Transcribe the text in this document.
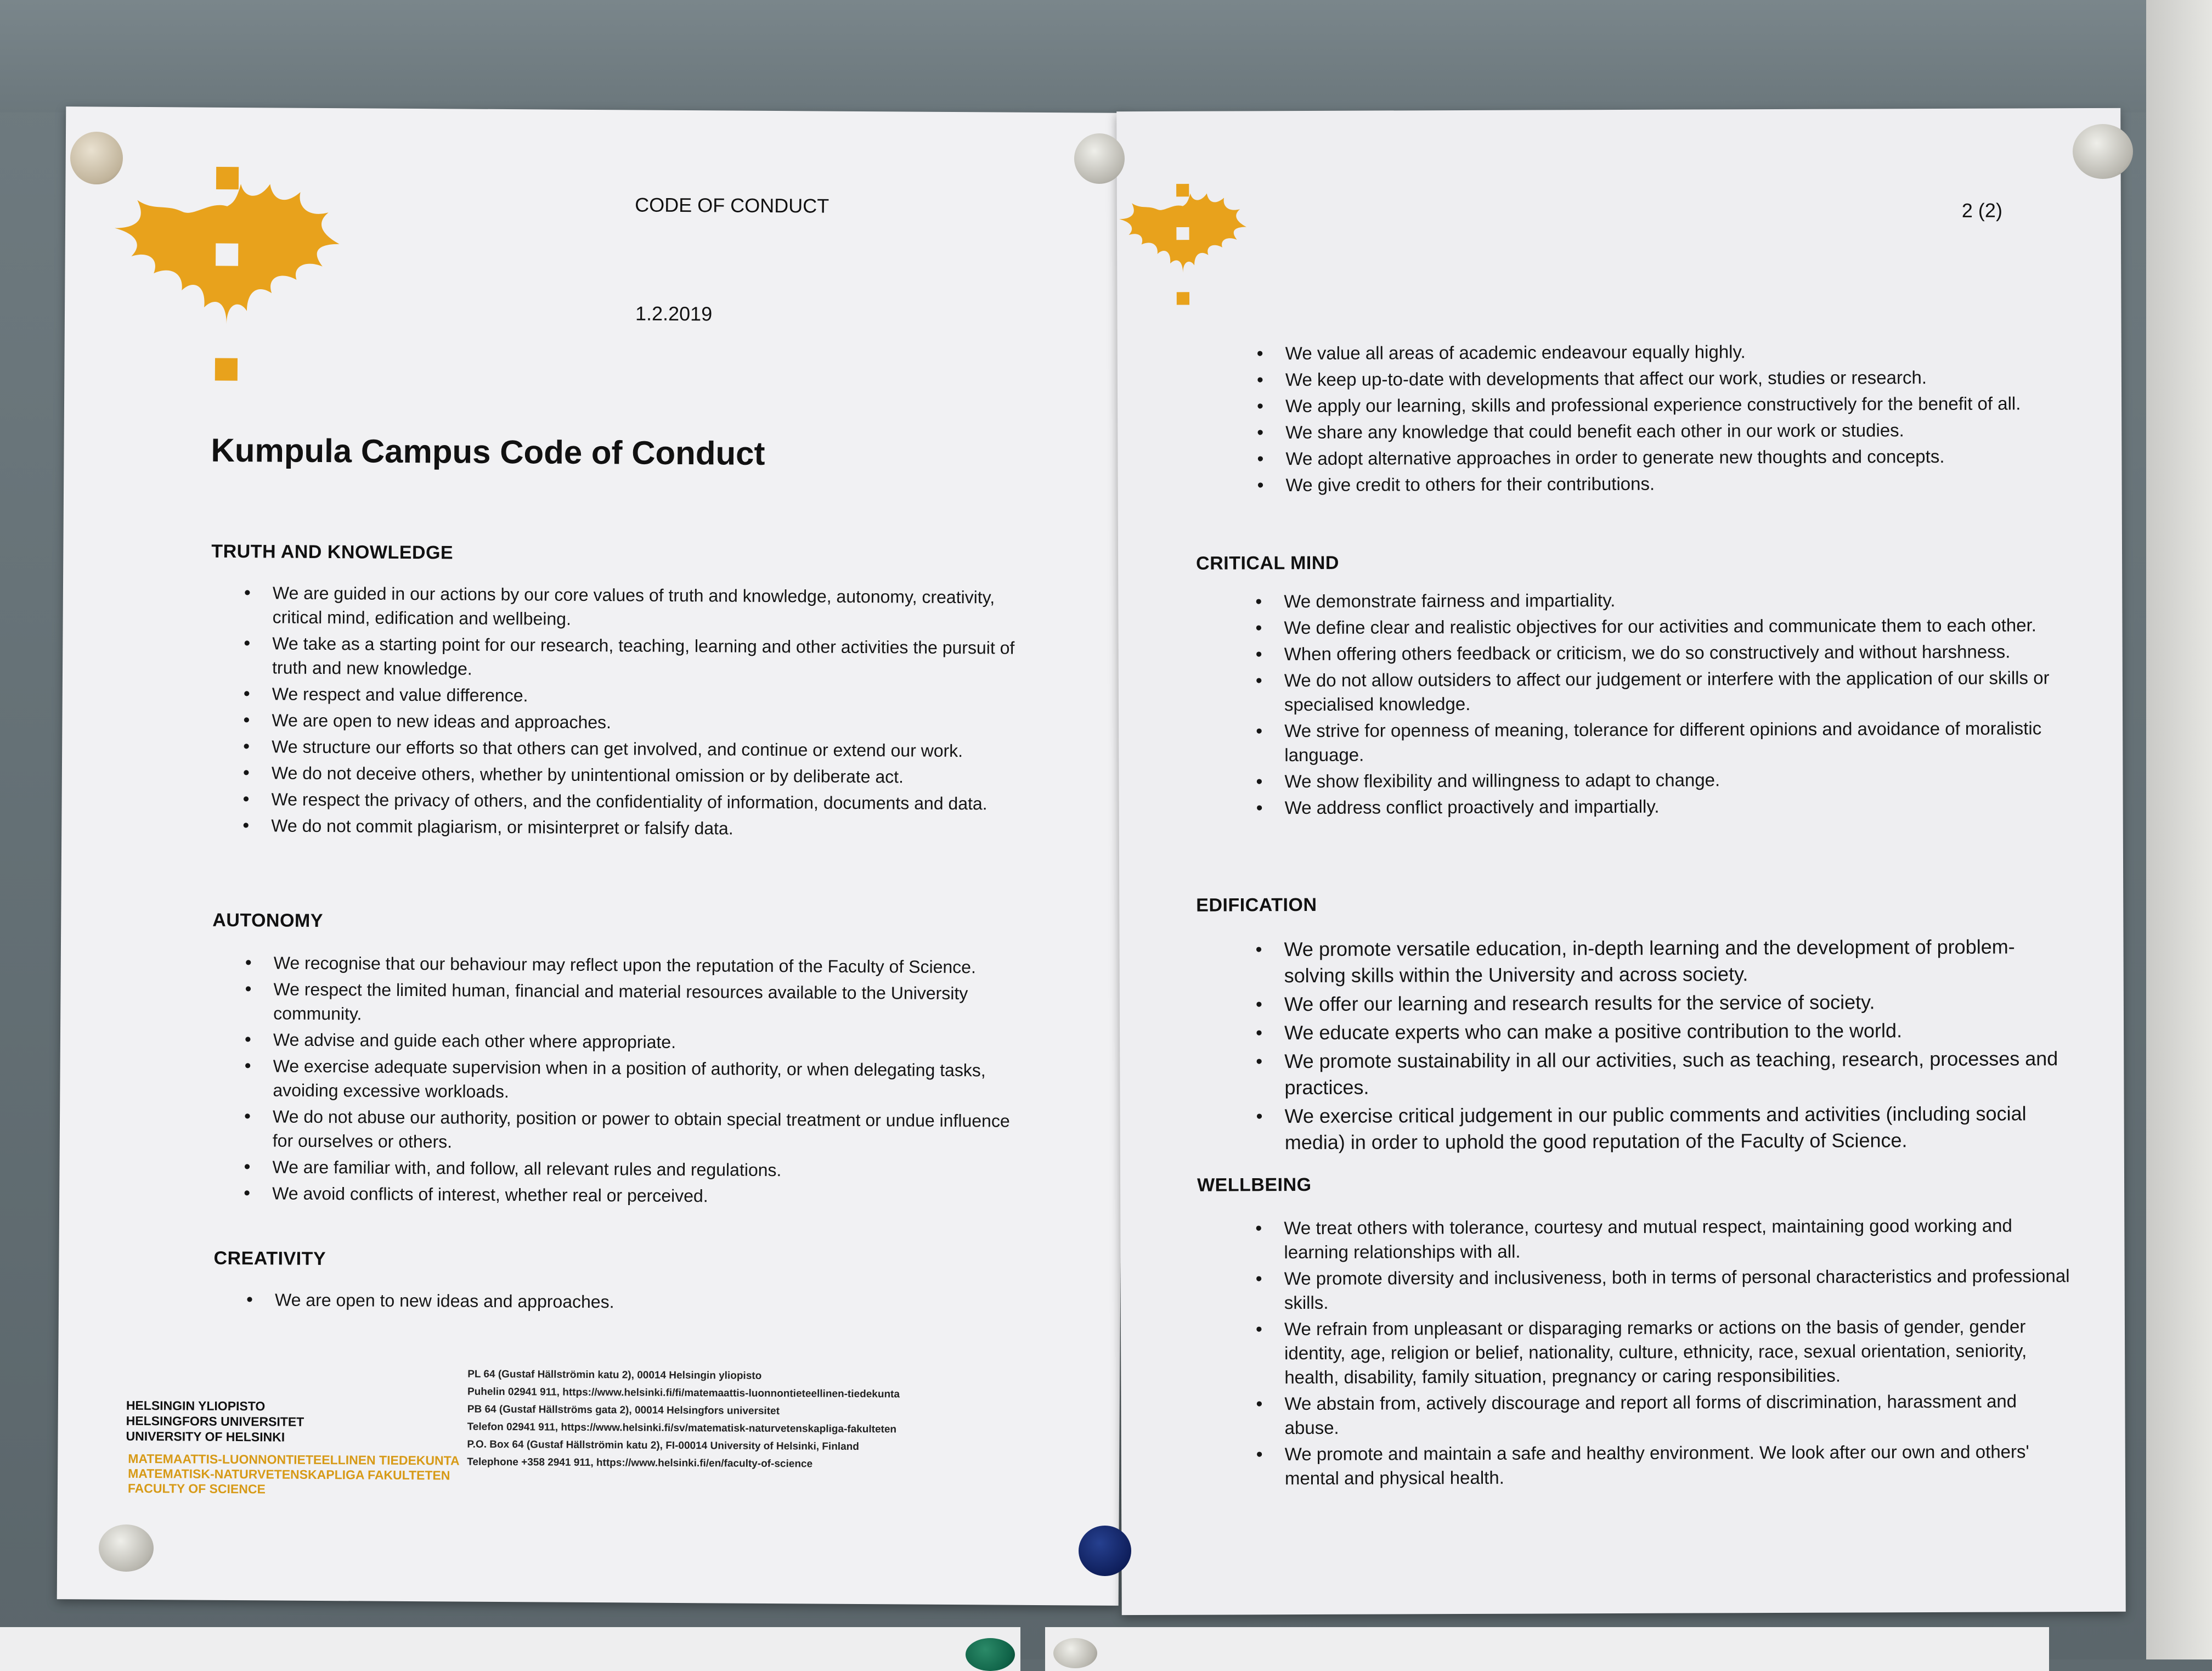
CODE OF CONDUCT
1.2.2019
Kumpula Campus Code of Conduct
TRUTH AND KNOWLEDGE
• We are guided in our actions by our core values of truth and knowledge, autonomy, creativity, critical mind, edification and wellbeing.
• We take as a starting point for our research, teaching, learning and other activities the pursuit of truth and new knowledge.
• We respect and value difference.
• We are open to new ideas and approaches.
• We structure our efforts so that others can get involved, and continue or extend our work.
• We do not deceive others, whether by unintentional omission or by deliberate act.
• We respect the privacy of others, and the confidentiality of information, documents and data.
• We do not commit plagiarism, or misinterpret or falsify data.
AUTONOMY
• We recognise that our behaviour may reflect upon the reputation of the Faculty of Science.
• We respect the limited human, financial and material resources available to the University community.
• We advise and guide each other where appropriate.
• We exercise adequate supervision when in a position of authority, or when delegating tasks, avoiding excessive workloads.
• We do not abuse our authority, position or power to obtain special treatment or undue influence for ourselves or others.
• We are familiar with, and follow, all relevant rules and regulations.
• We avoid conflicts of interest, whether real or perceived.
CREATIVITY
• We are open to new ideas and approaches.
PL 64 (Gustaf Hällströmin katu 2), 00014 Helsingin yliopisto
Puhelin 02941 911, https://www.helsinki.fi/fi/matemaattis-luonnontieteellinen-tiedekunta
PB 64 (Gustaf Hällströms gata 2), 00014 Helsingfors universitet
Telefon 02941 911, https://www.helsinki.fi/sv/matematisk-naturvetenskapliga-fakulteten
P.O. Box 64 (Gustaf Hällströmin katu 2), FI-00014 University of Helsinki, Finland
Telephone +358 2941 911, https://www.helsinki.fi/en/faculty-of-science
HELSINGIN YLIOPISTO
HELSINGFORS UNIVERSITET
UNIVERSITY OF HELSINKI
MATEMAATTIS-LUONNONTIETEELLINEN TIEDEKUNTA
MATEMATISK-NATURVETENSKAPLIGA FAKULTETEN
FACULTY OF SCIENCE
2 (2)
• We value all areas of academic endeavour equally highly.
• We keep up-to-date with developments that affect our work, studies or research.
• We apply our learning, skills and professional experience constructively for the benefit of all.
• We share any knowledge that could benefit each other in our work or studies.
• We adopt alternative approaches in order to generate new thoughts and concepts.
• We give credit to others for their contributions.
CRITICAL MIND
• We demonstrate fairness and impartiality.
• We define clear and realistic objectives for our activities and communicate them to each other.
• When offering others feedback or criticism, we do so constructively and without harshness.
• We do not allow outsiders to affect our judgement or interfere with the application of our skills or specialised knowledge.
• We strive for openness of meaning, tolerance for different opinions and avoidance of moralistic language.
• We show flexibility and willingness to adapt to change.
• We address conflict proactively and impartially.
EDIFICATION
• We promote versatile education, in-depth learning and the development of problem-solving skills within the University and across society.
• We offer our learning and research results for the service of society.
• We educate experts who can make a positive contribution to the world.
• We promote sustainability in all our activities, such as teaching, research, processes and practices.
• We exercise critical judgement in our public comments and activities (including social media) in order to uphold the good reputation of the Faculty of Science.
WELLBEING
• We treat others with tolerance, courtesy and mutual respect, maintaining good working and learning relationships with all.
• We promote diversity and inclusiveness, both in terms of personal characteristics and professional skills.
• We refrain from unpleasant or disparaging remarks or actions on the basis of gender, gender identity, age, religion or belief, nationality, culture, ethnicity, race, sexual orientation, seniority, health, disability, family situation, pregnancy or caring responsibilities.
• We abstain from, actively discourage and report all forms of discrimination, harassment and abuse.
• We promote and maintain a safe and healthy environment. We look after our own and others' mental and physical health.
